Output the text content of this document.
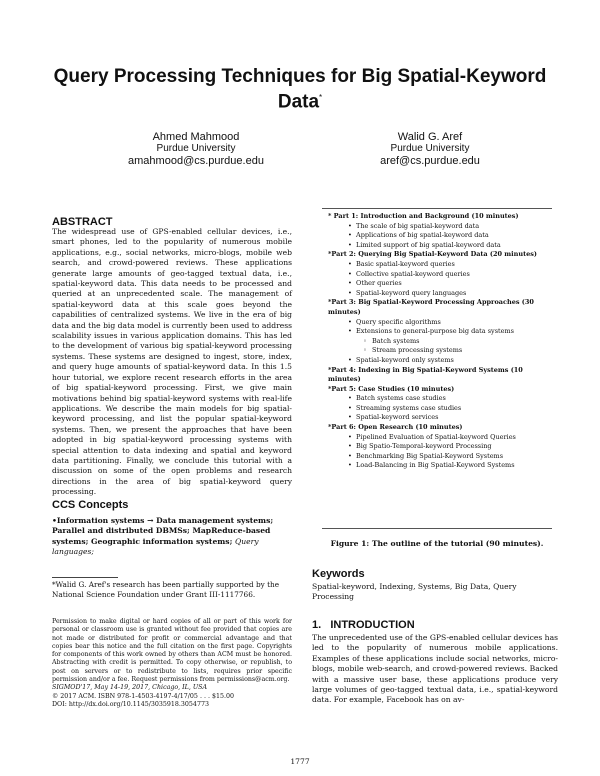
Query Processing Techniques for Big Spatial-Keyword
Data*
Ahmed Mahmood
Purdue University
amahmood@cs.purdue.edu
Walid G. Aref
Purdue University
aref@cs.purdue.edu
ABSTRACT
The widespread use of GPS-enabled cellular devices, i.e., smart phones, led to the popularity of numerous mobile applications, e.g., social networks, micro-blogs, mobile web search, and crowd-powered reviews. These applications generate large amounts of geo-tagged textual data, i.e., spatial-keyword data. This data needs to be processed and queried at an unprecedented scale. The management of spatial-keyword data at this scale goes beyond the capabilities of centralized systems. We live in the era of big data and the big data model is currently been used to address scalability issues in various application domains. This has led to the development of various big spatial-keyword processing systems. These systems are designed to ingest, store, index, and query huge amounts of spatial-keyword data. In this 1.5 hour tutorial, we explore recent research efforts in the area of big spatial-keyword processing. First, we give main motivations behind big spatial-keyword systems with real-life applications. We describe the main models for big spatial-keyword processing, and list the popular spatial-keyword systems. Then, we present the approaches that have been adopted in big spatial-keyword processing systems with special attention to data indexing and spatial and keyword data partitioning. Finally, we conclude this tutorial with a discussion on some of the open problems and research directions in the area of big spatial-keyword query processing.
CCS Concepts
•Information systems → Data management systems; Parallel and distributed DBMSs; MapReduce-based systems; Geographic information systems; Query languages;
*Walid G. Aref's research has been partially supported by the National Science Foundation under Grant III-1117766.
Permission to make digital or hard copies of all or part of this work for personal or classroom use is granted without fee provided that copies are not made or distributed for profit or commercial advantage and that copies bear this notice and the full citation on the first page. Copyrights for components of this work owned by others than ACM must be honored. Abstracting with credit is permitted. To copy otherwise, or republish, to post on servers or to redistribute to lists, requires prior specific permission and/or a fee. Request permissions from permissions@acm.org.
SIGMOD'17, May 14-19, 2017, Chicago, IL, USA
© 2017 ACM. ISBN 978-1-4503-4197-4/17/05 . . . $15.00
DOI: http://dx.doi.org/10.1145/3035918.3054773
* Part 1: Introduction and Background (10 minutes)
• The scale of big spatial-keyword data
• Applications of big spatial-keyword data
• Limited support of big spatial-keyword data
*Part 2: Querying Big Spatial-Keyword Data (20 minutes)
• Basic spatial-keyword queries
• Collective spatial-keyword queries
• Other queries
• Spatial-keyword query languages
*Part 3: Big Spatial-Keyword Processing Approaches (30 minutes)
• Query specific algorithms
• Extensions to general-purpose big data systems
◦ Batch systems
◦ Stream processing systems
• Spatial-keyword only systems
*Part 4: Indexing in Big Spatial-Keyword Systems (10 minutes)
*Part 5: Case Studies (10 minutes)
• Batch systems case studies
• Streaming systems case studies
• Spatial-keyword services
*Part 6: Open Research (10 minutes)
• Pipelined Evaluation of Spatial-keyword Queries
• Big Spatio-Temporal-keyword Processing
• Benchmarking Big Spatial-Keyword Systems
• Load-Balancing in Big Spatial-Keyword Systems
Figure 1: The outline of the tutorial (90 minutes).
Keywords
Spatial-keyword, Indexing, Systems, Big Data, Query Processing
1.   INTRODUCTION
The unprecedented use of the GPS-enabled cellular devices has led to the popularity of numerous mobile applications. Examples of these applications include social networks, micro-blogs, mobile web-search, and crowd-powered reviews. Backed with a massive user base, these applications produce very large volumes of geo-tagged textual data, i.e., spatial-keyword data. For example, Facebook has on av-
1777
